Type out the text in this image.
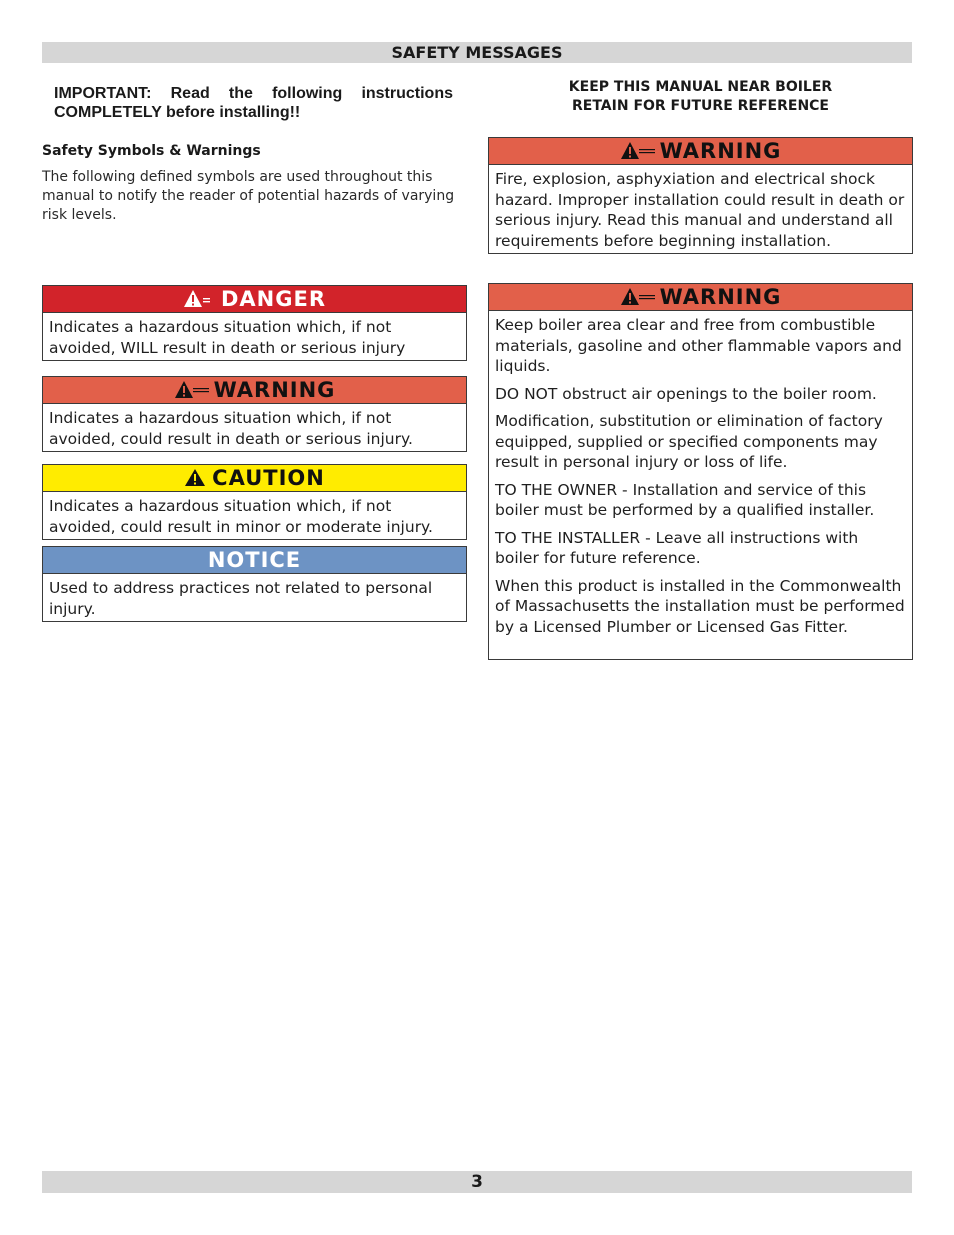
SAFETY MESSAGES
IMPORTANT: Read the following instructions COMPLETELY before installing!!
KEEP THIS MANUAL NEAR BOILER
RETAIN FOR FUTURE REFERENCE
Safety Symbols & Warnings
The following defined symbols are used throughout this manual to notify the reader of potential hazards of varying risk levels.
DANGER
Indicates a hazardous situation which, if not avoided, WILL result in death or serious injury
WARNING
Indicates a hazardous situation which, if not avoided, could result in death or serious injury.
CAUTION
Indicates a hazardous situation which, if not avoided, could result in minor or moderate injury.
NOTICE
Used to address practices not related to personal injury.
WARNING
Fire, explosion, asphyxiation and electrical shock hazard. Improper installation could result in death or serious injury. Read this manual and understand all requirements before beginning installation.
WARNING

Keep boiler area clear and free from combustible materials, gasoline and other flammable vapors and liquids.

DO NOT obstruct air openings to the boiler room.

Modification, substitution or elimination of factory equipped, supplied or specified components may result in personal injury or loss of life.

TO THE OWNER - Installation and service of this boiler must be performed by a qualified installer.

TO THE INSTALLER - Leave all instructions with boiler for future reference.

When this product is installed in the Commonwealth of Massachusetts the installation must be performed by a Licensed Plumber or Licensed Gas Fitter.

3
